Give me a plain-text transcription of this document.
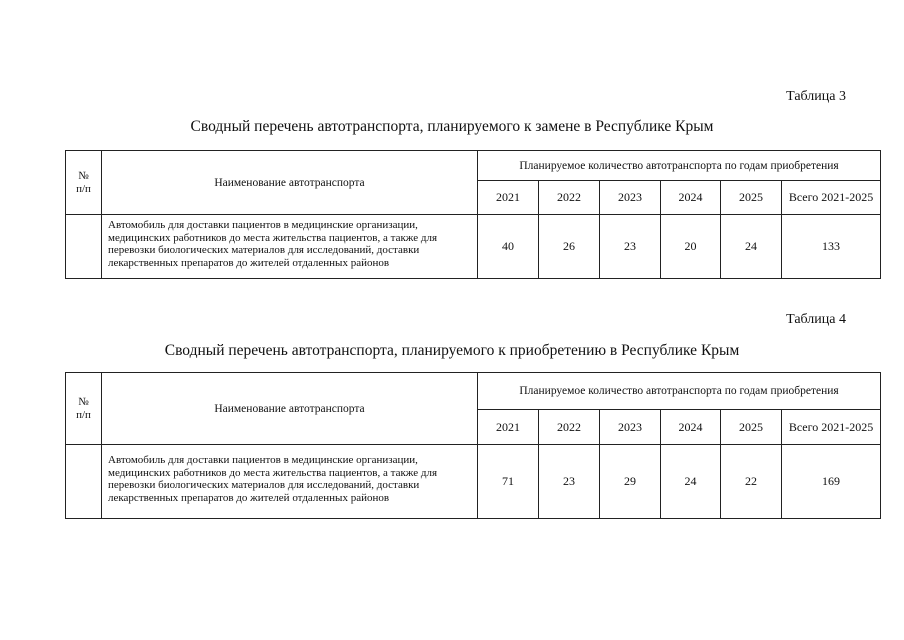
Таблица 3
Сводный перечень автотранспорта, планируемого к замене в Республике Крым
№
п/п	Наименование автотранспорта	Планируемое количество автотранспорта по годам приобретения					
		2021	2022	2023	2024	2025	Всего 2021-2025
	Автомобиль для доставки пациентов в медицинские организации, медицинских работников до места жительства пациентов, а также для перевозки биологических материалов для исследований, доставки лекарственных препаратов до жителей отдаленных районов	40	26	23	20	24	133
Таблица 4
Сводный перечень автотранспорта, планируемого к приобретению в Республике Крым
№
п/п	Наименование автотранспорта	Планируемое количество автотранспорта по годам приобретения					
		2021	2022	2023	2024	2025	Всего 2021-2025
	Автомобиль для доставки пациентов в медицинские организации, медицинских работников до места жительства пациентов, а также для перевозки биологических материалов для исследований, доставки лекарственных препаратов до жителей отдаленных районов	71	23	29	24	22	169
